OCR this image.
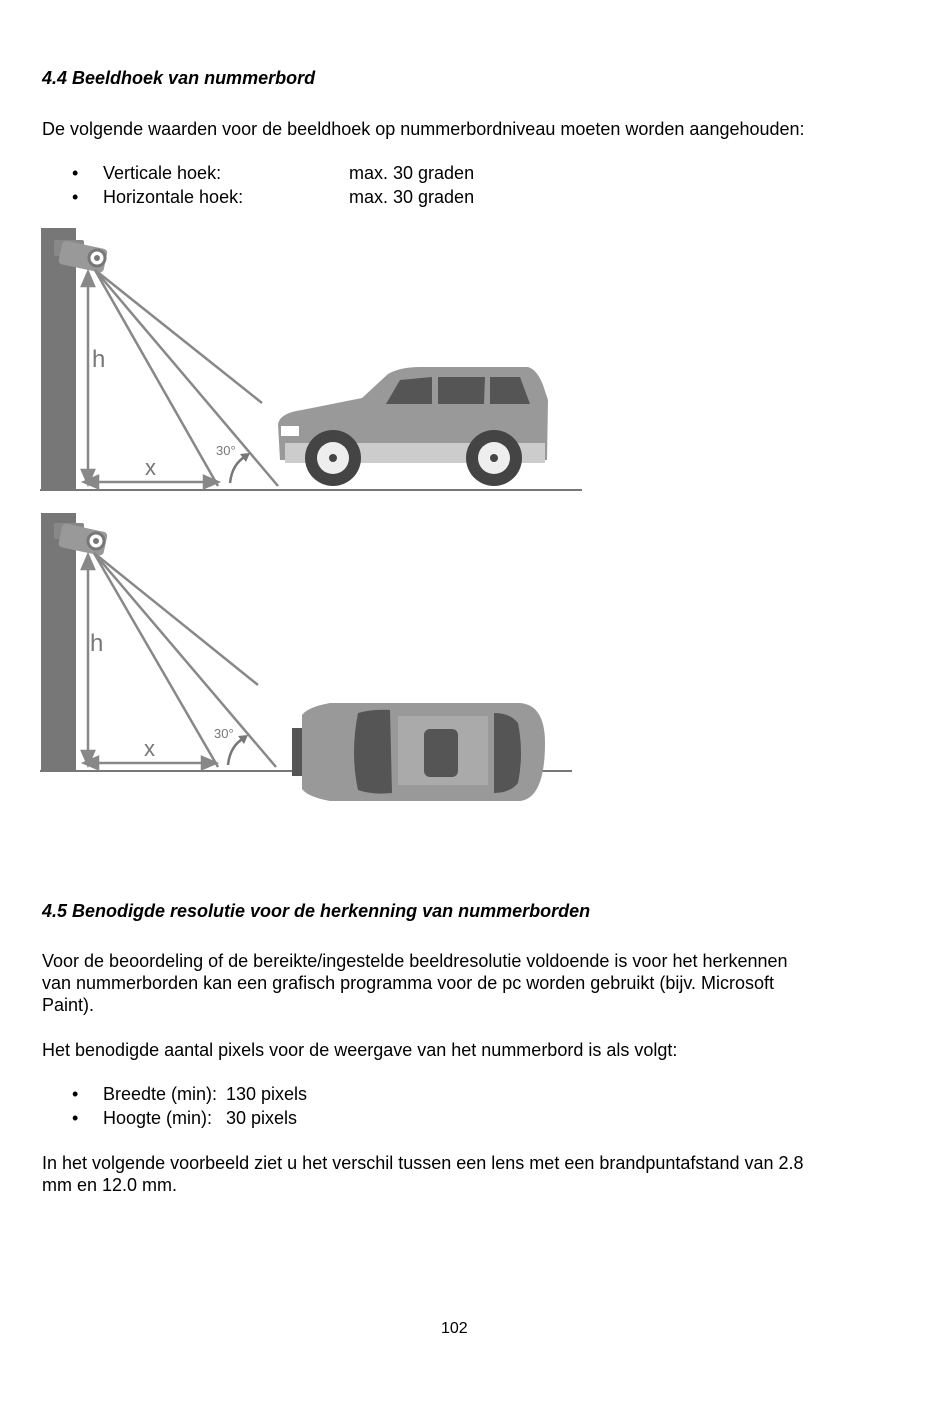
4.4 Beeldhoek van nummerbord

De volgende waarden voor de beeldhoek op nummerbordniveau moeten worden aangehouden:

• Verticale hoek:	max. 30 graden
• Horizontale hoek:	max. 30 graden
h
x
30°
h
x
30°
4.5 Benodigde resolutie voor de herkenning van nummerborden

Voor de beoordeling of de bereikte/ingestelde beeldresolutie voldoende is voor het herkennen

van nummerborden kan een grafisch programma voor de pc worden gebruikt (bijv. Microsoft

Paint).

Het benodigde aantal pixels voor de weergave van het nummerbord is als volgt:

• Breedte (min): 130 pixels
• Hoogte (min): 30 pixels

In het volgende voorbeeld ziet u het verschil tussen een lens met een brandpuntafstand van 2.8

mm en 12.0 mm.

102
